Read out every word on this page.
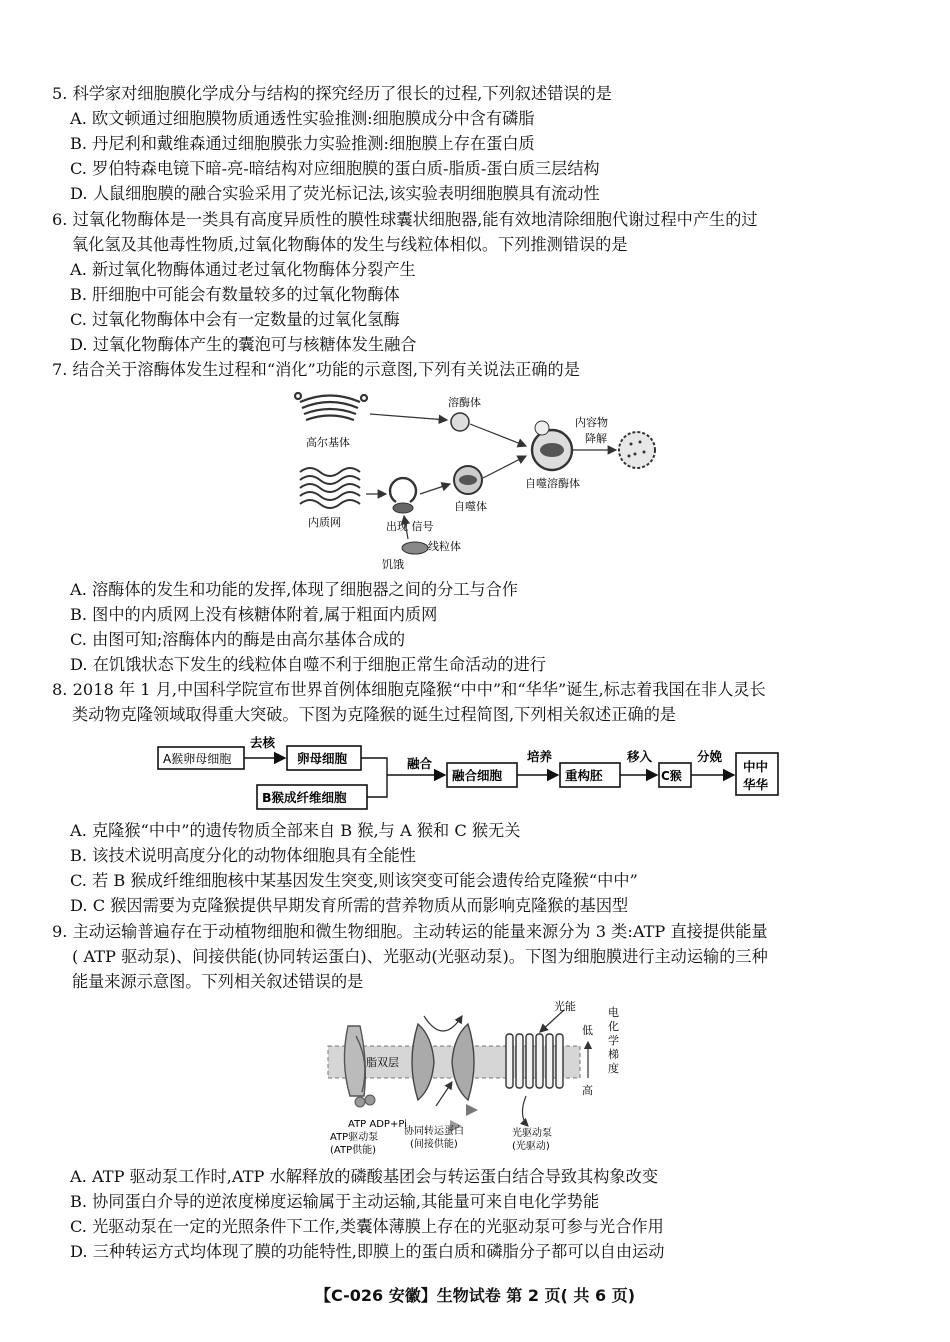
5. 科学家对细胞膜化学成分与结构的探究经历了很长的过程,下列叙述错误的是
A. 欧文顿通过细胞膜物质通透性实验推测:细胞膜成分中含有磷脂
B. 丹尼利和戴维森通过细胞膜张力实验推测:细胞膜上存在蛋白质
C. 罗伯特森电镜下暗-亮-暗结构对应细胞膜的蛋白质-脂质-蛋白质三层结构
D. 人鼠细胞膜的融合实验采用了荧光标记法,该实验表明细胞膜具有流动性
6. 过氧化物酶体是一类具有高度异质性的膜性球囊状细胞器,能有效地清除细胞代谢过程中产生的过
氧化氢及其他毒性物质,过氧化物酶体的发生与线粒体相似。下列推测错误的是
A. 新过氧化物酶体通过老过氧化物酶体分裂产生
B. 肝细胞中可能会有数量较多的过氧化物酶体
C. 过氧化物酶体中会有一定数量的过氧化氢酶
D. 过氧化物酶体产生的囊泡可与核糖体发生融合
7. 结合关于溶酶体发生过程和“消化”功能的示意图,下列有关说法正确的是
高尔基体
内质网
溶酶体
出现 信号
线粒体
饥饿
自噬体
自噬溶酶体
内容物
降解
A. 溶酶体的发生和功能的发挥,体现了细胞器之间的分工与合作
B. 图中的内质网上没有核糖体附着,属于粗面内质网
C. 由图可知;溶酶体内的酶是由高尔基体合成的
D. 在饥饿状态下发生的线粒体自噬不利于细胞正常生命活动的进行
8. 2018 年 1 月,中国科学院宣布世界首例体细胞克隆猴“中中”和“华华”诞生,标志着我国在非人灵长
类动物克隆领域取得重大突破。下图为克隆猴的诞生过程简图,下列相关叙述正确的是
A猴卵母细胞
去核
卵母细胞
B猴成纤维细胞
融合
融合细胞
培养
重构胚
移入
C猴
分娩
中中
华华
A. 克隆猴“中中”的遗传物质全部来自 B 猴,与 A 猴和 C 猴无关
B. 该技术说明高度分化的动物体细胞具有全能性
C. 若 B 猴成纤维细胞核中某基因发生突变,则该突变可能会遗传给克隆猴“中中”
D. C 猴因需要为克隆猴提供早期发育所需的营养物质从而影响克隆猴的基因型
9. 主动运输普遍存在于动植物细胞和微生物细胞。主动转运的能量来源分为 3 类:ATP 直接提供能量
( ATP 驱动泵)、间接供能(协同转运蛋白)、光驱动(光驱动泵)。下图为细胞膜进行主动运输的三种
能量来源示意图。下列相关叙述错误的是
脂双层
ATP ADP+Pi
光能
低
高
电化学梯度
ATP驱动泵
(ATP供能)
协同转运蛋白
(间接供能)
光驱动泵
(光驱动)
A. ATP 驱动泵工作时,ATP 水解释放的磷酸基团会与转运蛋白结合导致其构象改变
B. 协同蛋白介导的逆浓度梯度运输属于主动运输,其能量可来自电化学势能
C. 光驱动泵在一定的光照条件下工作,类囊体薄膜上存在的光驱动泵可参与光合作用
D. 三种转运方式均体现了膜的功能特性,即膜上的蛋白质和磷脂分子都可以自由运动
【C-026 安徽】生物试卷 第 2 页( 共 6 页)
